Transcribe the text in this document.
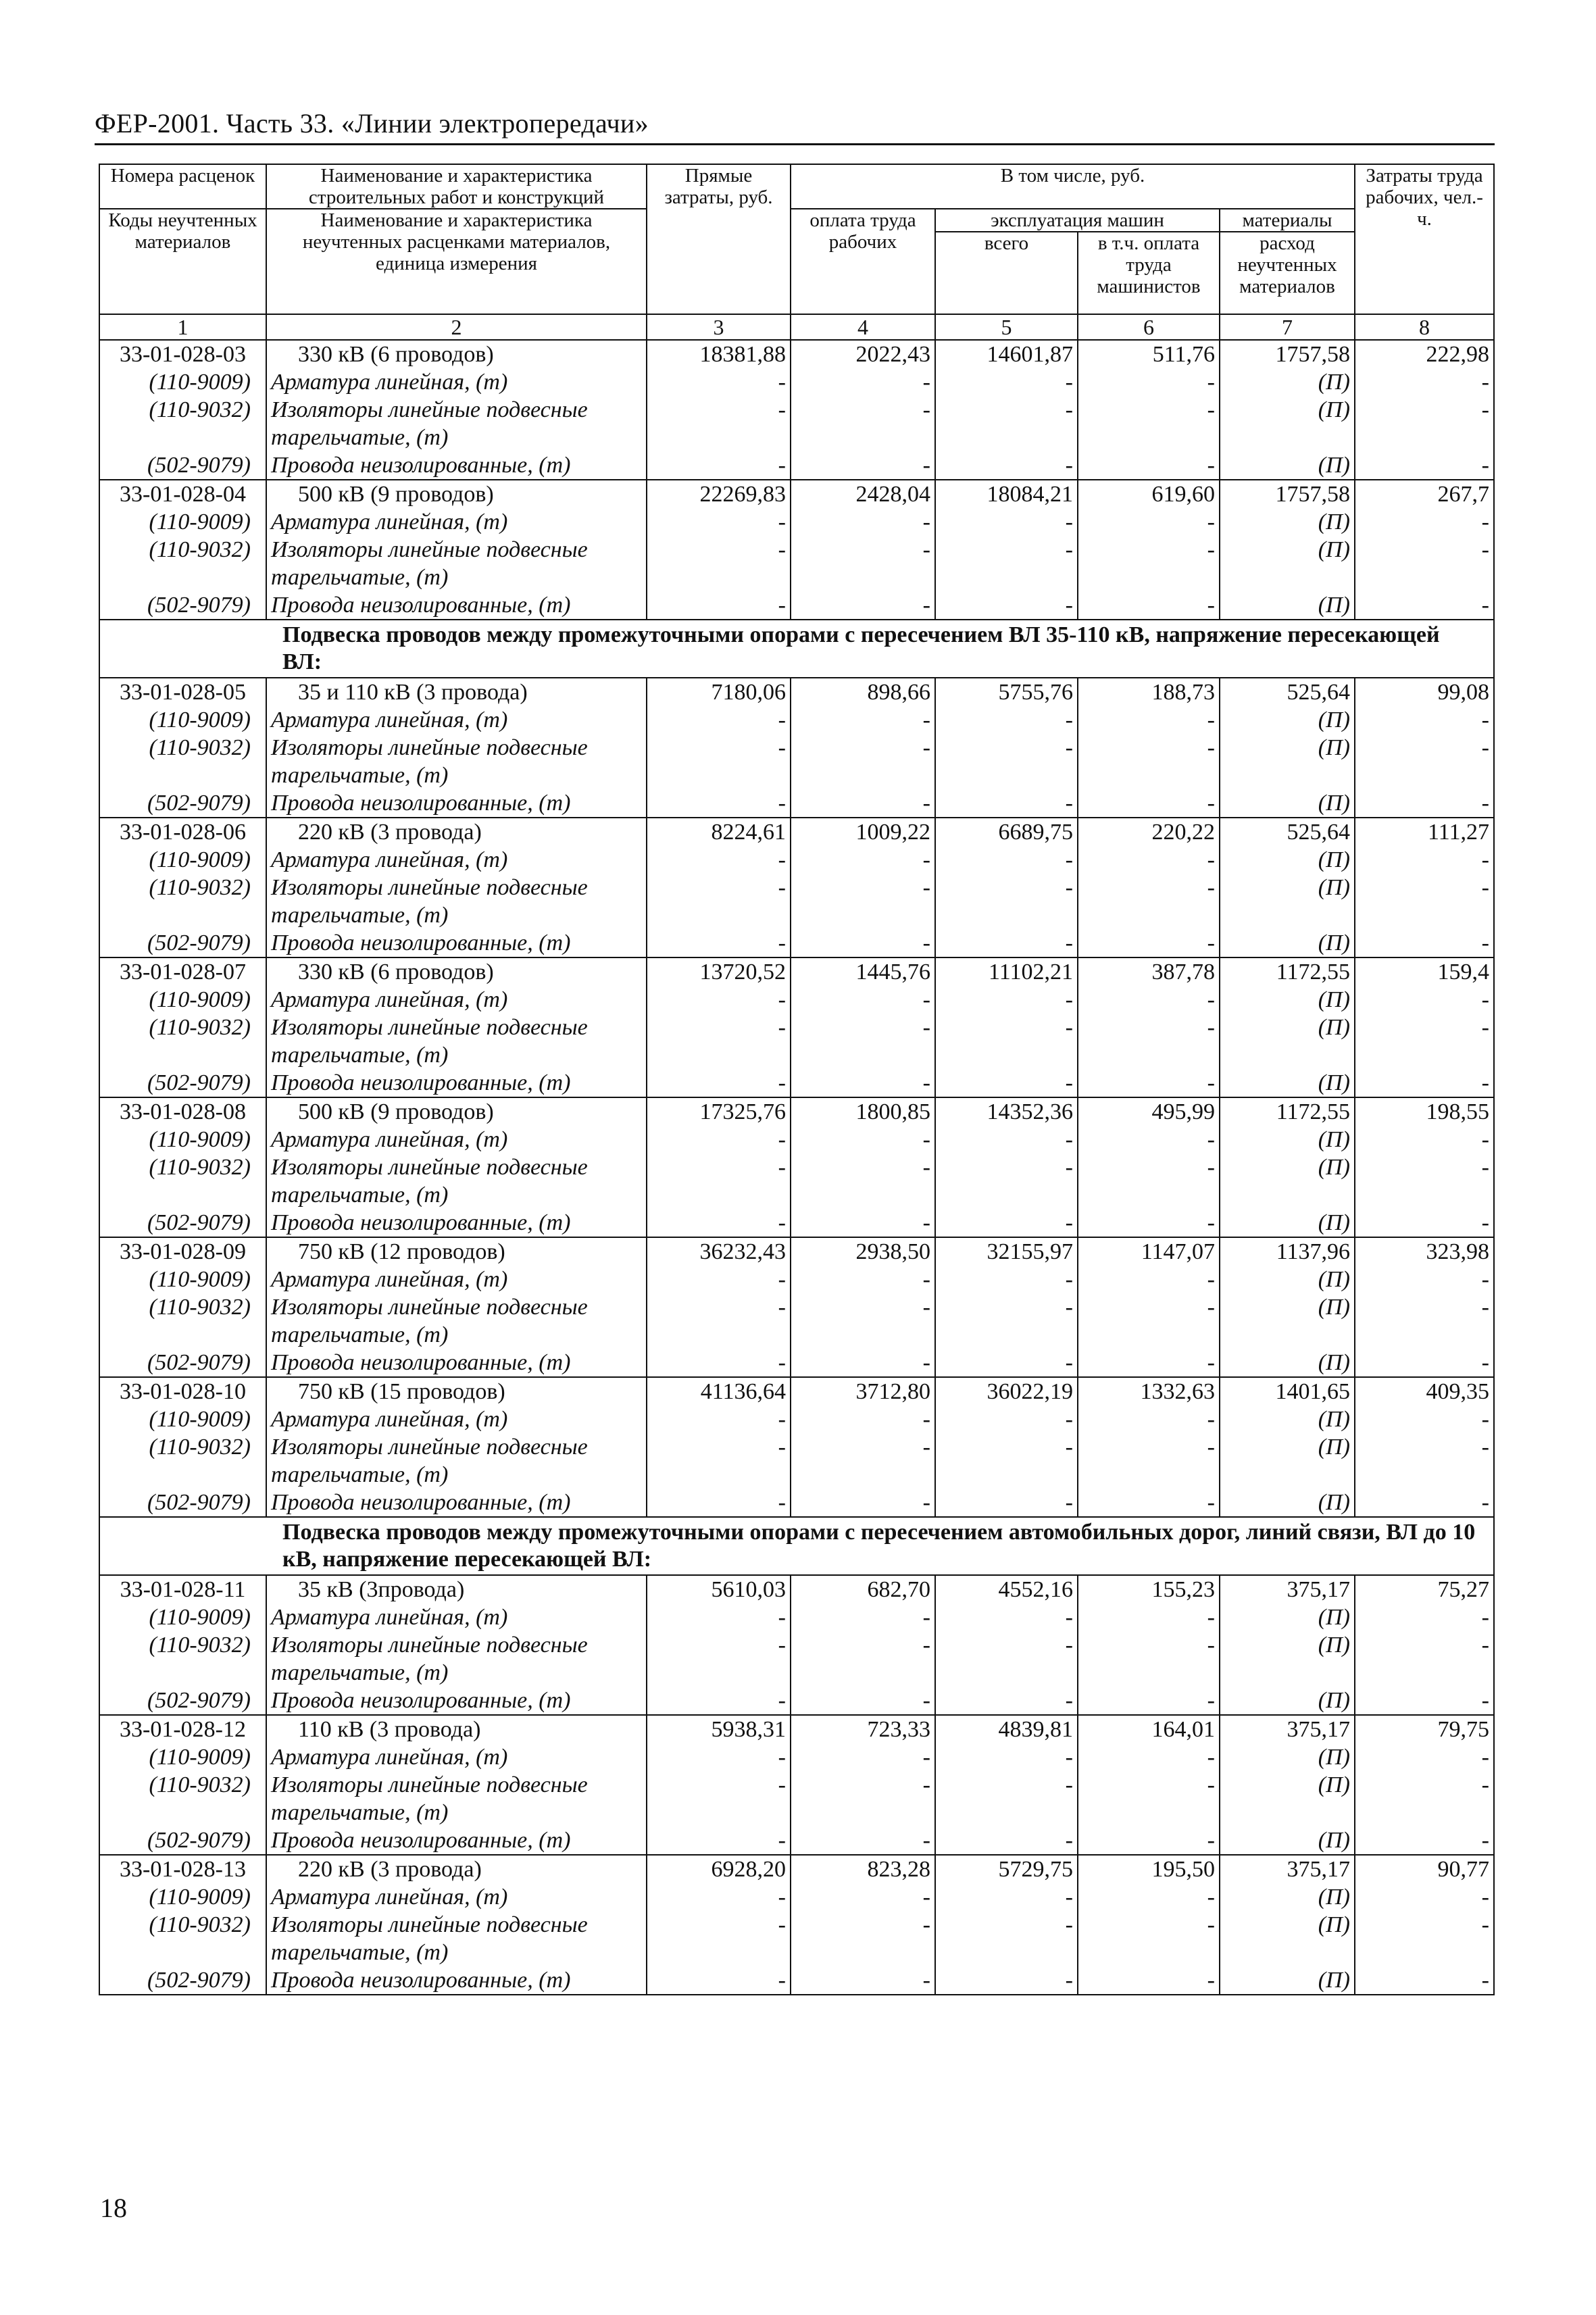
ФЕР-2001. Часть 33. «Линии электропередачи»
Номера расценок	Наименование и характеристика строительных работ и конструкций	Прямые затраты, руб.	В том числе, руб.				Затраты труда рабочих, чел.-ч.
Коды неучтенных материалов	Наименование и характеристика неучтенных расценками материалов, единица измерения		оплата труда рабочих	эксплуатация машин		материалы	
				всего	в т.ч. оплата труда машинистов	расход неучтенных материалов	
1	2	3	4	5	6	7	8
33-01-028-03	330 кВ (6 проводов)	18381,88	2022,43	14601,87	511,76	1757,58	222,98
(110-9009)	Арматура линейная, (т)	-	-	-	-	(П)	-
(110-9032)	Изоляторы линейные подвесные	-	-	-	-	(П)	-
	тарельчатые, (т)						
(502-9079)	Провода неизолированные, (т)	-	-	-	-	(П)	-
33-01-028-04	500 кВ (9 проводов)	22269,83	2428,04	18084,21	619,60	1757,58	267,7
(110-9009)	Арматура линейная, (т)	-	-	-	-	(П)	-
(110-9032)	Изоляторы линейные подвесные	-	-	-	-	(П)	-
	тарельчатые, (т)						
(502-9079)	Провода неизолированные, (т)	-	-	-	-	(П)	-
Подвеска проводов между промежуточными опорами с пересечением ВЛ 35-110 кВ, напряжение пересекающей ВЛ:							
33-01-028-05	35 и 110 кВ (3 провода)	7180,06	898,66	5755,76	188,73	525,64	99,08
(110-9009)	Арматура линейная, (т)	-	-	-	-	(П)	-
(110-9032)	Изоляторы линейные подвесные	-	-	-	-	(П)	-
	тарельчатые, (т)						
(502-9079)	Провода неизолированные, (т)	-	-	-	-	(П)	-
33-01-028-06	220 кВ (3 провода)	8224,61	1009,22	6689,75	220,22	525,64	111,27
(110-9009)	Арматура линейная, (т)	-	-	-	-	(П)	-
(110-9032)	Изоляторы линейные подвесные	-	-	-	-	(П)	-
	тарельчатые, (т)						
(502-9079)	Провода неизолированные, (т)	-	-	-	-	(П)	-
33-01-028-07	330 кВ (6 проводов)	13720,52	1445,76	11102,21	387,78	1172,55	159,4
(110-9009)	Арматура линейная, (т)	-	-	-	-	(П)	-
(110-9032)	Изоляторы линейные подвесные	-	-	-	-	(П)	-
	тарельчатые, (т)						
(502-9079)	Провода неизолированные, (т)	-	-	-	-	(П)	-
33-01-028-08	500 кВ (9 проводов)	17325,76	1800,85	14352,36	495,99	1172,55	198,55
(110-9009)	Арматура линейная, (т)	-	-	-	-	(П)	-
(110-9032)	Изоляторы линейные подвесные	-	-	-	-	(П)	-
	тарельчатые, (т)						
(502-9079)	Провода неизолированные, (т)	-	-	-	-	(П)	-
33-01-028-09	750 кВ (12 проводов)	36232,43	2938,50	32155,97	1147,07	1137,96	323,98
(110-9009)	Арматура линейная, (т)	-	-	-	-	(П)	-
(110-9032)	Изоляторы линейные подвесные	-	-	-	-	(П)	-
	тарельчатые, (т)						
(502-9079)	Провода неизолированные, (т)	-	-	-	-	(П)	-
33-01-028-10	750 кВ (15 проводов)	41136,64	3712,80	36022,19	1332,63	1401,65	409,35
(110-9009)	Арматура линейная, (т)	-	-	-	-	(П)	-
(110-9032)	Изоляторы линейные подвесные	-	-	-	-	(П)	-
	тарельчатые, (т)						
(502-9079)	Провода неизолированные, (т)	-	-	-	-	(П)	-
Подвеска проводов между промежуточными опорами с пересечением автомобильных дорог, линий связи, ВЛ до 10 кВ, напряжение пересекающей ВЛ:							
33-01-028-11	35 кВ (3провода)	5610,03	682,70	4552,16	155,23	375,17	75,27
(110-9009)	Арматура линейная, (т)	-	-	-	-	(П)	-
(110-9032)	Изоляторы линейные подвесные	-	-	-	-	(П)	-
	тарельчатые, (т)						
(502-9079)	Провода неизолированные, (т)	-	-	-	-	(П)	-
33-01-028-12	110 кВ (3 провода)	5938,31	723,33	4839,81	164,01	375,17	79,75
(110-9009)	Арматура линейная, (т)	-	-	-	-	(П)	-
(110-9032)	Изоляторы линейные подвесные	-	-	-	-	(П)	-
	тарельчатые, (т)						
(502-9079)	Провода неизолированные, (т)	-	-	-	-	(П)	-
33-01-028-13	220 кВ (3 провода)	6928,20	823,28	5729,75	195,50	375,17	90,77
(110-9009)	Арматура линейная, (т)	-	-	-	-	(П)	-
(110-9032)	Изоляторы линейные подвесные	-	-	-	-	(П)	-
	тарельчатые, (т)						
(502-9079)	Провода неизолированные, (т)	-	-	-	-	(П)	-
18
